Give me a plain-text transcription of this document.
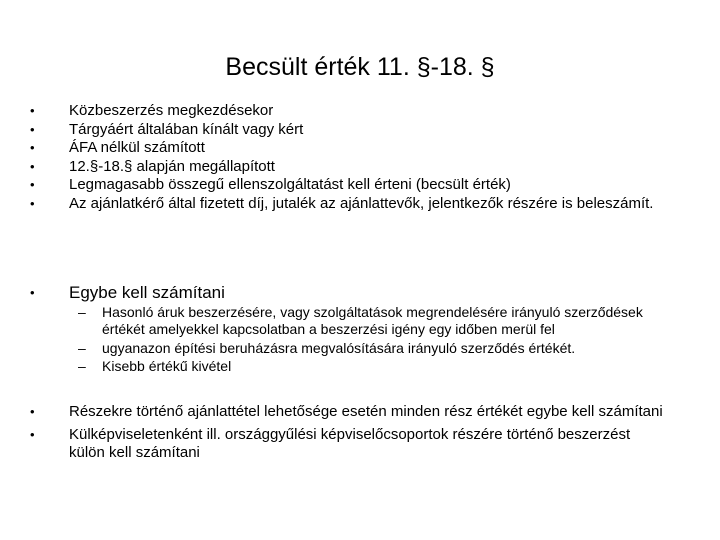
Becsült érték 11. §-18. §
• Közbeszerzés megkezdésekor
• Tárgyáért általában kínált vagy kért
• ÁFA nélkül számított
• 12.§-18.§ alapján megállapított
• Legmagasabb összegű ellenszolgáltatást kell érteni (becsült érték)
• Az ajánlatkérő által fizetett díj, jutalék az ajánlattevők, jelentkezők részére is beleszámít.
• Egybe kell számítani
– Hasonló áruk beszerzésére, vagy szolgáltatások megrendelésére irányuló szerződések értékét amelyekkel kapcsolatban a beszerzési igény egy időben merül fel
– ugyanazon építési beruházásra megvalósítására irányuló szerződés értékét.
– Kisebb értékű kivétel
• Részekre történő ajánlattétel lehetősége esetén minden rész értékét egybe kell számítani
• Külképviseletenként ill. országgyűlési képviselőcsoportok részére történő beszerzést külön kell számítani
